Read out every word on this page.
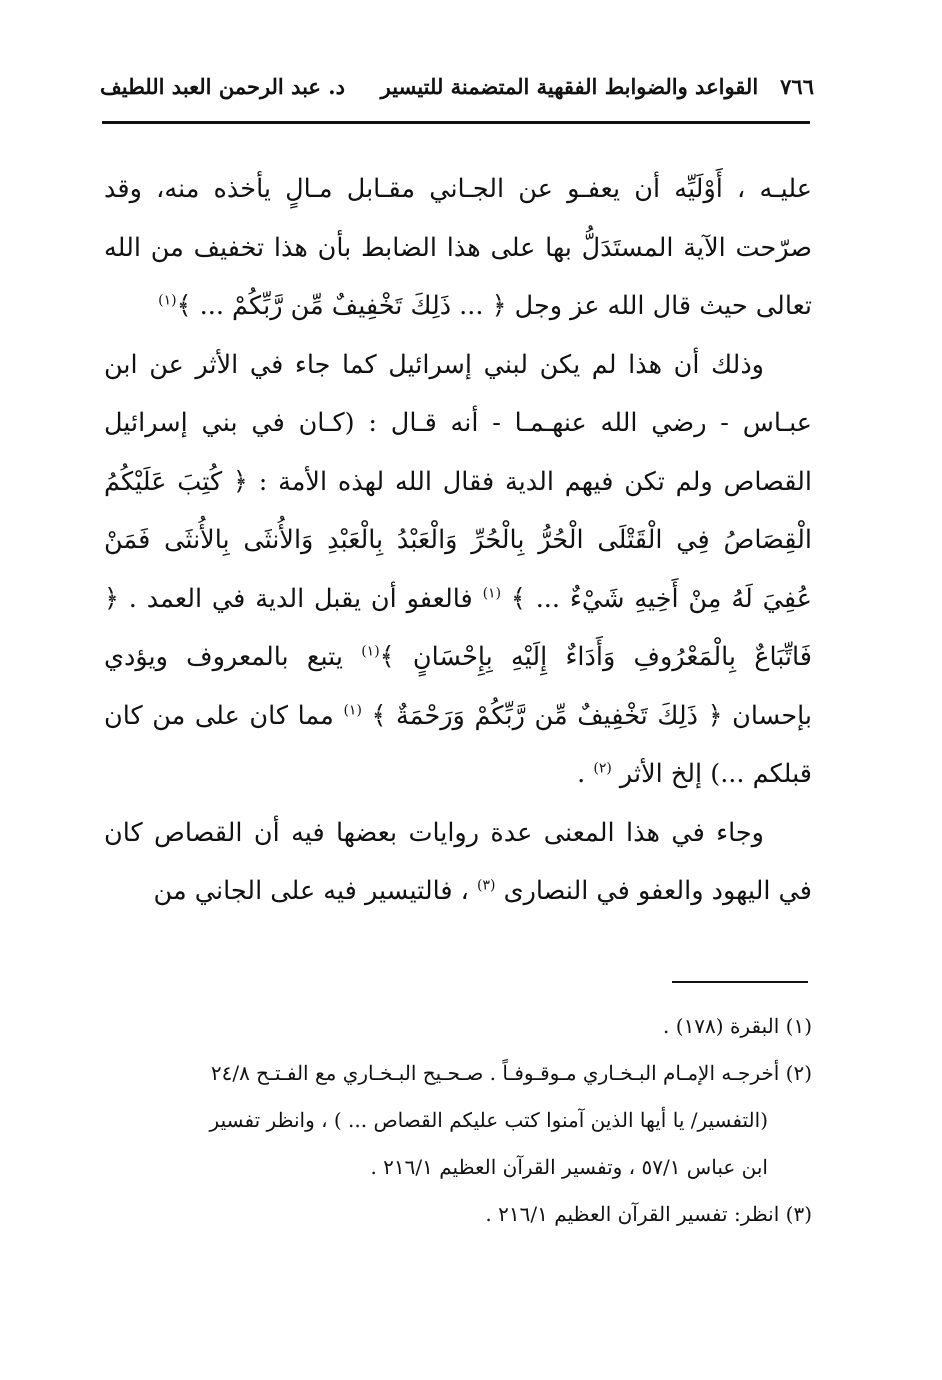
٧٦٦
القواعد والضوابط الفقهية المتضمنة للتيسير
د. عبد الرحمن العبد اللطيف

عليـه ، أَوْلَيِّه أن يعفـو عن الجـاني مقـابل مـالٍ يأخذه منه، وقد صرّحت الآية المستَدَلُّ بها على هذا الضابط بأن هذا تخفيف من الله تعالى حيث قال الله عز وجل ﴿ ... ذَلِكَ تَخْفِيفٌ مِّن رَّبِّكُمْ ... ﴾$^{(١)}$

وذلك أن هذا لم يكن لبني إسرائيل كما جاء في الأثر عن ابن عبـاس - رضي الله عنهـمـا - أنه قـال : (كـان في بني إسرائيل القصاص ولم تكن فيهم الدية فقال الله لهذه الأمة : ﴿ كُتِبَ عَلَيْكُمُ الْقِصَاصُ فِي الْقَتْلَى الْحُرُّ بِالْحُرِّ وَالْعَبْدُ بِالْعَبْدِ وَالأُنثَى بِالأُنثَى فَمَنْ عُفِيَ لَهُ مِنْ أَخِيهِ شَيْءٌ ... ﴾ $^{(١)}$ فالعفو أن يقبل الدية في العمد . ﴿ فَاتِّبَاعٌ بِالْمَعْرُوفِ وَأَدَاءٌ إِلَيْهِ بِإِحْسَانٍ ﴾$^{(١)}$ يتبع بالمعروف ويؤدي بإحسان ﴿ ذَلِكَ تَخْفِيفٌ مِّن رَّبِّكُمْ وَرَحْمَةٌ ﴾ $^{(١)}$ مما كان على من كان قبلكم ...) إلخ الأثر $^{(٢)}$ .

وجاء في هذا المعنى عدة روايات بعضها فيه أن القصاص كان في اليهود والعفو في النصارى $^{(٣)}$ ، فالتيسير فيه على الجاني من

(١) البقرة (١٧٨) .

(٢) أخرجـه الإمـام البـخـاري مـوقـوفـاً . صـحـيح البـخـاري مع الفـتـح ٢٤/٨
(التفسير/ يا أيها الذين آمنوا كتب عليكم القصاص ... ) ، وانظر تفسير
ابن عباس ٥٧/١ ، وتفسير القرآن العظيم ٢١٦/١ .

(٣) انظر: تفسير القرآن العظيم ٢١٦/١ .
